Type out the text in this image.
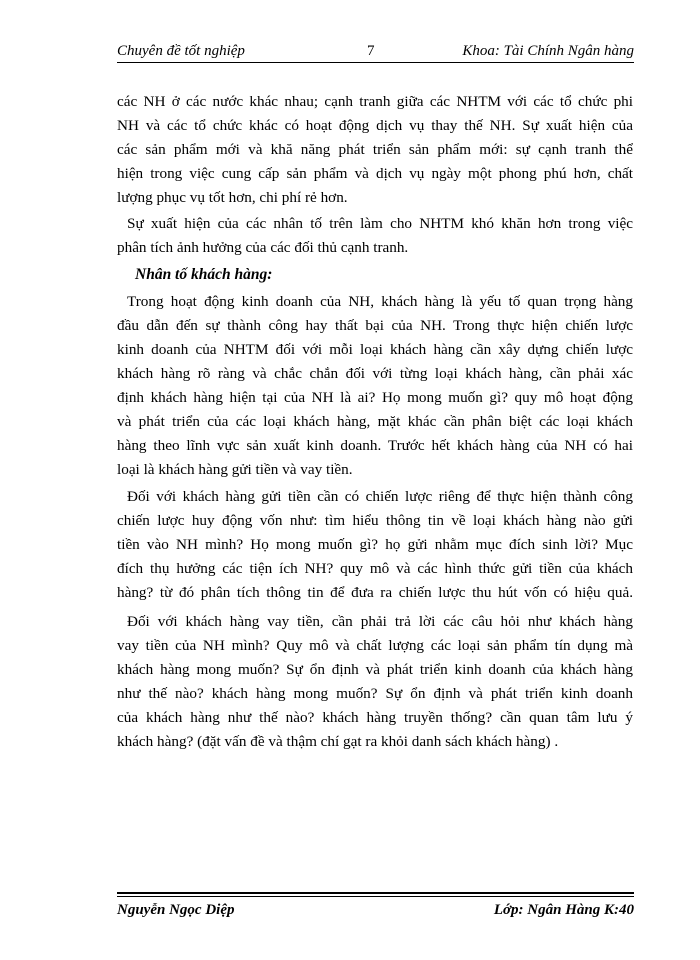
Chuyên đề tốt nghiệp	7	Khoa: Tài Chính Ngân hàng
các NH ở các nước khác nhau; cạnh tranh giữa các NHTM với các tổ chức phi
NH và các tổ chức khác có hoạt động dịch vụ thay thế NH. Sự xuất hiện của
các sản phẩm mới và khă năng phát triển sản phẩm mới: sự cạnh tranh thể
hiện trong việc cung cấp sản phẩm và dịch vụ ngày một phong phú hơn, chất
lượng phục vụ tốt hơn, chi phí rẻ hơn.
Sự xuất hiện của các nhân tố trên làm cho NHTM khó khăn hơn trong việc
phân tích ảnh hưởng của các đối thủ cạnh tranh.
Nhân tố khách hàng:
Trong hoạt động kinh doanh của NH, khách hàng là yếu tố quan trọng hàng
đầu dẫn đến sự thành công hay thất bại của NH. Trong thực hiện chiến lược
kinh doanh của NHTM đối với mỗi loại khách hàng cần xây dựng chiến lược
khách hàng rõ ràng và chắc chắn đối với từng loại khách hàng, cần phải xác
định khách hàng hiện tại của NH là ai? Họ mong muốn gì? quy mô hoạt động
và phát triển của các loại khách hàng, mặt khác cần phân biệt các loại khách
hàng theo lĩnh vực sản xuất kinh doanh. Trước hết khách hàng của NH có hai
loại là khách hàng gửi tiền và vay tiền.
Đối với khách hàng gửi tiền cần có chiến lược riêng để thực hiện thành công
chiến lược huy động vốn như: tìm hiểu thông tin về loại khách hàng nào gửi
tiền vào NH mình? Họ mong muốn gì? họ gửi nhằm mục đích sinh lời? Mục
đích thụ hưởng các tiện ích NH? quy mô và các hình thức gửi tiền của khách
hàng? từ đó phân tích thông tin để đưa ra chiến lược thu hút vốn có hiệu quả.
Đối với khách hàng vay tiền, cần phải trả lời các câu hỏi như khách hàng
vay tiền của NH mình? Quy mô và chất lượng các loại sản phẩm tín dụng mà
khách hàng mong muốn? Sự ổn định và phát triển kinh doanh của khách hàng
như thế nào? khách hàng mong muốn? Sự ổn định và phát triển kinh doanh
của khách hàng như thế nào? khách hàng truyền thống? cần quan tâm lưu ý
khách hàng? (đặt vấn đề và thậm chí gạt ra khỏi danh sách khách hàng) .
Nguyễn Ngọc Diệp	Lớp: Ngân Hàng K:40
